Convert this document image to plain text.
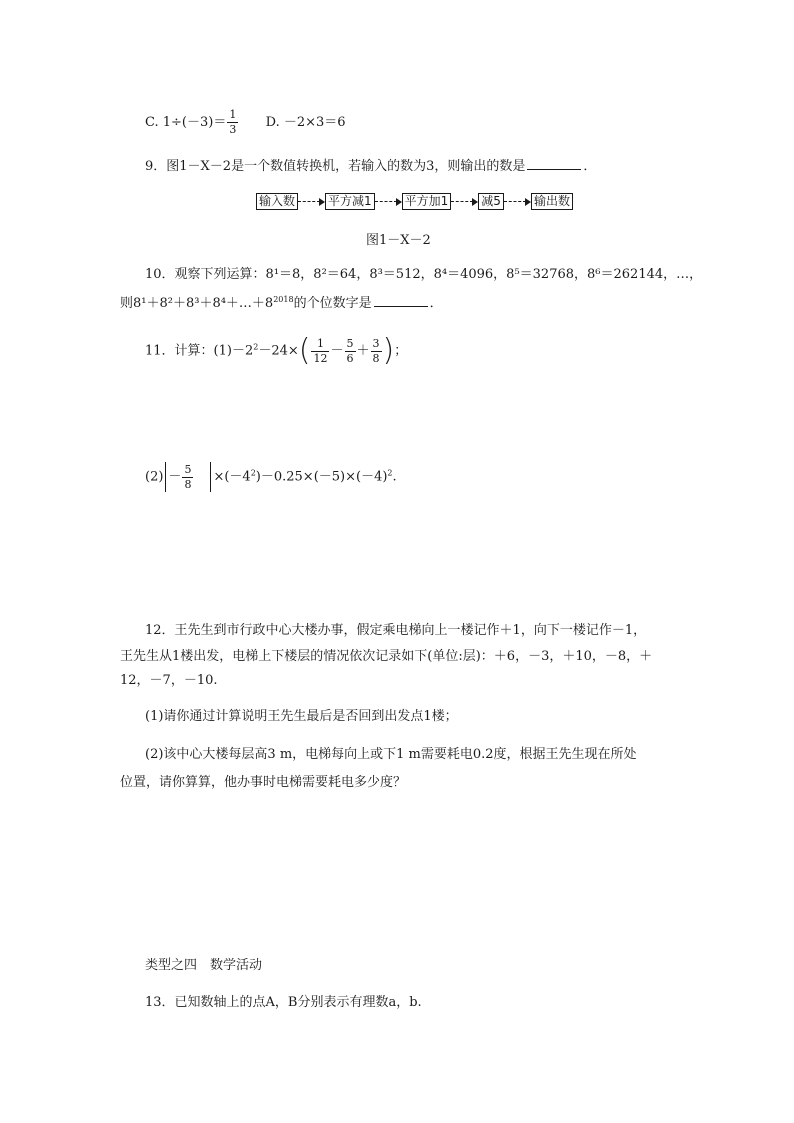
C. $1\div(-3)= \frac{1}{3} D$. －2×3＝6
9．图1－X－2是一个数值转换机，若输入的数为3，则输出的数是	．
输入数	平方减1	平方加1	减5	输出数
图1－X－2
10．观察下列运算：8¹＝8，8²＝64，8³＝512，8⁴＝4096，8⁵＝32768，8⁶＝262144，…，
则$8^1+8^2+8^3+8^4+\dots+8^{2018}$的个位数字是	．
11．计算：$(1)-2^2-24\times( \frac{1}{12} - \frac{5}{6} + \frac{3}{8}$ )；
$(2) - \frac{5}{8} \times(-4^2)-0.25\times(-5)\times(-4)^2$.
12．王先生到市行政中心大楼办事，假定乘电梯向上一楼记作＋1，向下一楼记作－1，
王先生从1楼出发，电梯上下楼层的情况依次记录如下(单位:层)：＋6，－3，＋10，－8，＋
12，－7，－10.
(1)请你通过计算说明王先生最后是否回到出发点1楼；
(2)该中心大楼每层高3 m，电梯每向上或下1 m需要耗电0.2度，根据王先生现在所处
位置，请你算算，他办事时电梯需要耗电多少度？
类型之四　数学活动
13．已知数轴上的点A，B分别表示有理数a，b.
